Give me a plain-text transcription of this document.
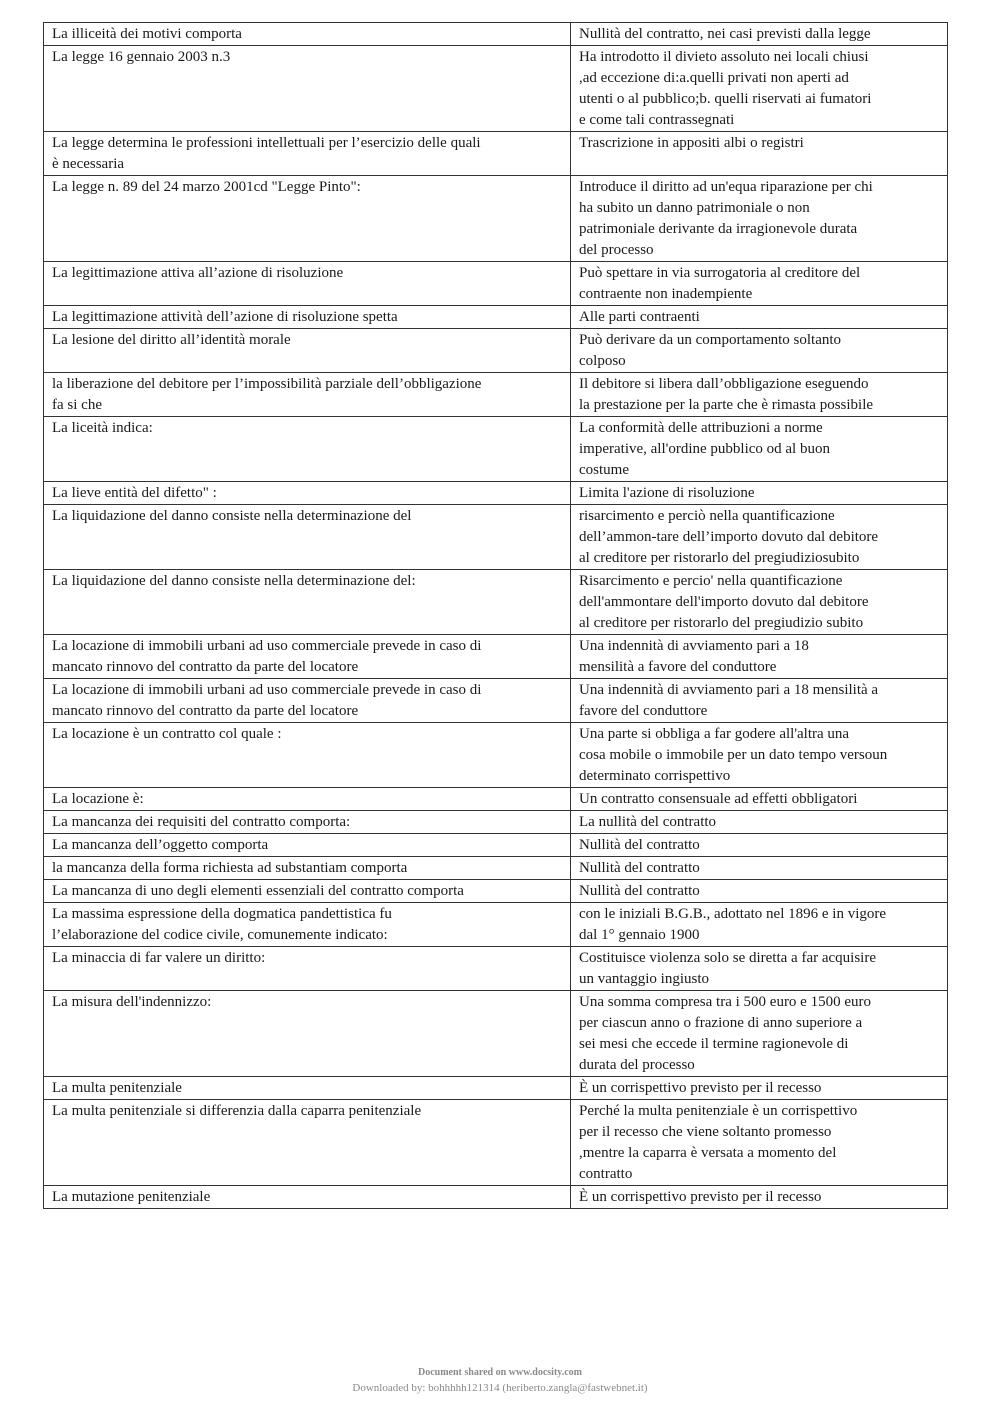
La illiceità dei motivi comporta	Nullità del contratto, nei casi previsti dalla legge
La legge 16 gennaio 2003 n.3	Ha introdotto il divieto assoluto nei locali chiusi
,ad eccezione di:a.quelli privati non aperti ad
utenti o al pubblico;b. quelli riservati ai fumatori
e come tali contrassegnati
La legge determina le professioni intellettuali per l’esercizio delle quali
è necessaria	Trascrizione in appositi albi o registri
La legge n. 89 del 24 marzo 2001cd "Legge Pinto":	Introduce il diritto ad un'equa riparazione per chi
ha subito un danno patrimoniale o non
patrimoniale derivante da irragionevole durata
del processo
La legittimazione attiva all’azione di risoluzione	Può spettare in via surrogatoria al creditore del
contraente non inadempiente
La legittimazione attività dell’azione di risoluzione spetta	Alle parti contraenti
La lesione del diritto all’identità morale	Può derivare da un comportamento soltanto
colposo
la liberazione del debitore per l’impossibilità parziale dell’obbligazione
fa si che	Il debitore si libera dall’obbligazione eseguendo
la prestazione per la parte che è rimasta possibile
La liceità indica:	La conformità delle attribuzioni a norme
imperative, all'ordine pubblico od al buon
costume
La lieve entità del difetto" :	Limita l'azione di risoluzione
La liquidazione del danno consiste nella determinazione del	risarcimento e perciò nella quantificazione
dell’ammon-tare dell’importo dovuto dal debitore
al creditore per ristorarlo del pregiudiziosubito

La liquidazione del danno consiste nella determinazione del:	Risarcimento e percio' nella quantificazione
dell'ammontare dell'importo dovuto dal debitore
al creditore per ristorarlo del pregiudizio subito
La locazione di immobili urbani ad uso commerciale prevede in caso di
mancato rinnovo del contratto da parte del locatore	Una indennità di avviamento pari a 18
mensilità a favore del conduttore
La locazione di immobili urbani ad uso commerciale prevede in caso di
mancato rinnovo del contratto da parte del locatore	Una indennità di avviamento pari a 18 mensilità a
favore del conduttore
La locazione è un contratto col quale :	Una parte si obbliga a far godere all'altra una
cosa mobile o immobile per un dato tempo versoun
determinato corrispettivo
La locazione è:	Un contratto consensuale ad effetti obbligatori
La mancanza dei requisiti del contratto comporta:	La nullità del contratto
La mancanza dell’oggetto comporta	Nullità del contratto
la mancanza della forma richiesta ad substantiam comporta	Nullità del contratto
La mancanza di uno degli elementi essenziali del contratto comporta	Nullità del contratto
La massima espressione della dogmatica pandettistica fu
l’elaborazione del codice civile, comunemente indicato:	con le iniziali B.G.B., adottato nel 1896 e in vigore
dal 1° gennaio 1900
La minaccia di far valere un diritto:	Costituisce violenza solo se diretta a far acquisire
un vantaggio ingiusto
La misura dell'indennizzo:	Una somma compresa tra i 500 euro e 1500 euro
per ciascun anno o frazione di anno superiore a
sei mesi che eccede il termine ragionevole di
durata del processo
La multa penitenziale	È un corrispettivo previsto per il recesso
La multa penitenziale si differenzia dalla caparra penitenziale	Perché la multa penitenziale è un corrispettivo
per il recesso che viene soltanto promesso
,mentre la caparra è versata a momento del
contratto
La mutazione penitenziale	È un corrispettivo previsto per il recesso
Document shared on www.docsity.com
Downloaded by: bohhhhh121314 (heriberto.zangla@fastwebnet.it)
